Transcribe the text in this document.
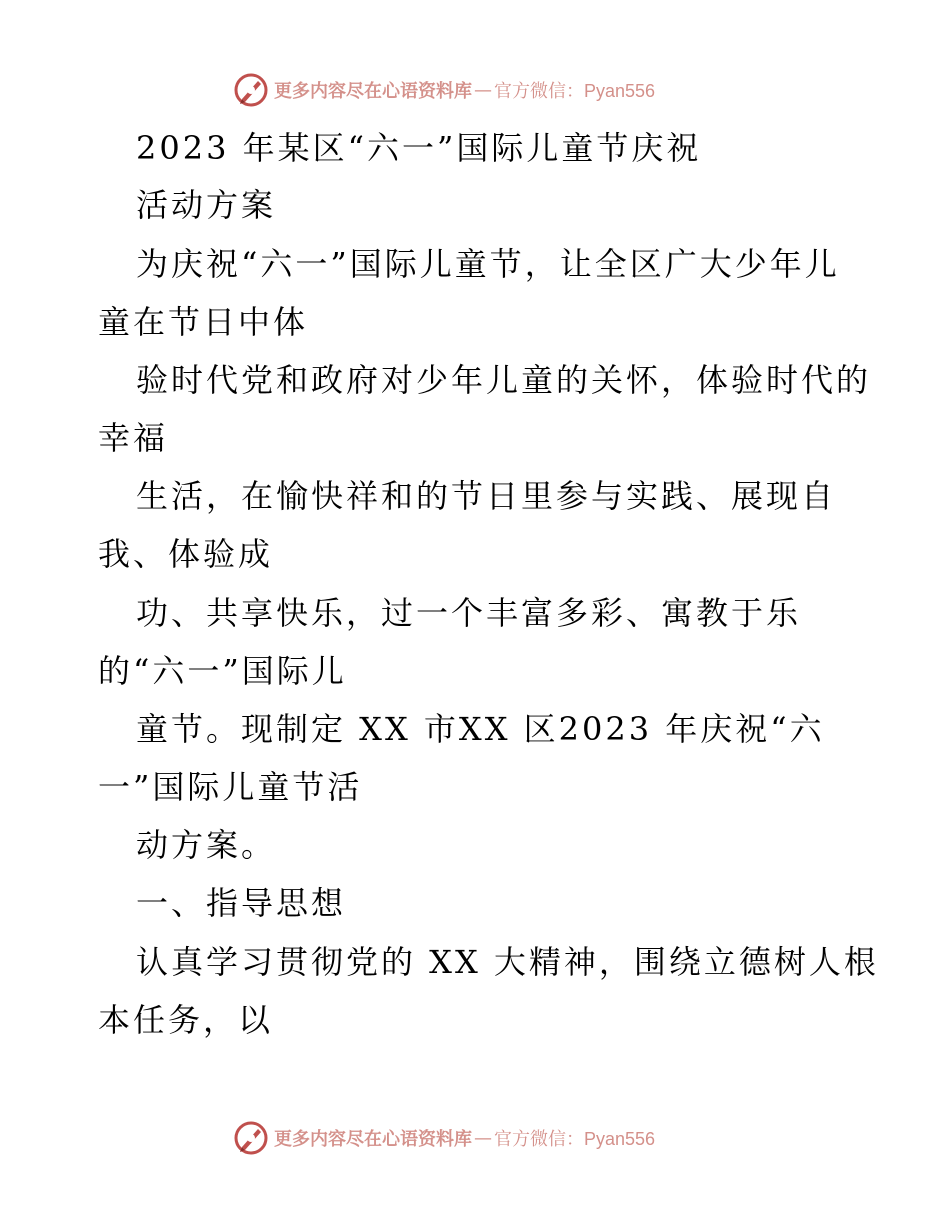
更多内容尽在心语资料库 — 官方微信：Pyan556
2023 年某区“六一”国际儿童节庆祝
活动方案
为庆祝“六一”国际儿童节，让全区广大少年儿
童在节日中体
验时代党和政府对少年儿童的关怀，体验时代的
幸福
生活，在愉快祥和的节日里参与实践、展现自
我、体验成
功、共享快乐，过一个丰富多彩、寓教于乐
的“六一”国际儿
童节。现制定 XX 市XX 区2023 年庆祝“六
一”国际儿童节活
动方案。
一、指导思想
认真学习贯彻党的 XX 大精神，围绕立德树人根
本任务，以
更多内容尽在心语资料库 — 官方微信：Pyan556
